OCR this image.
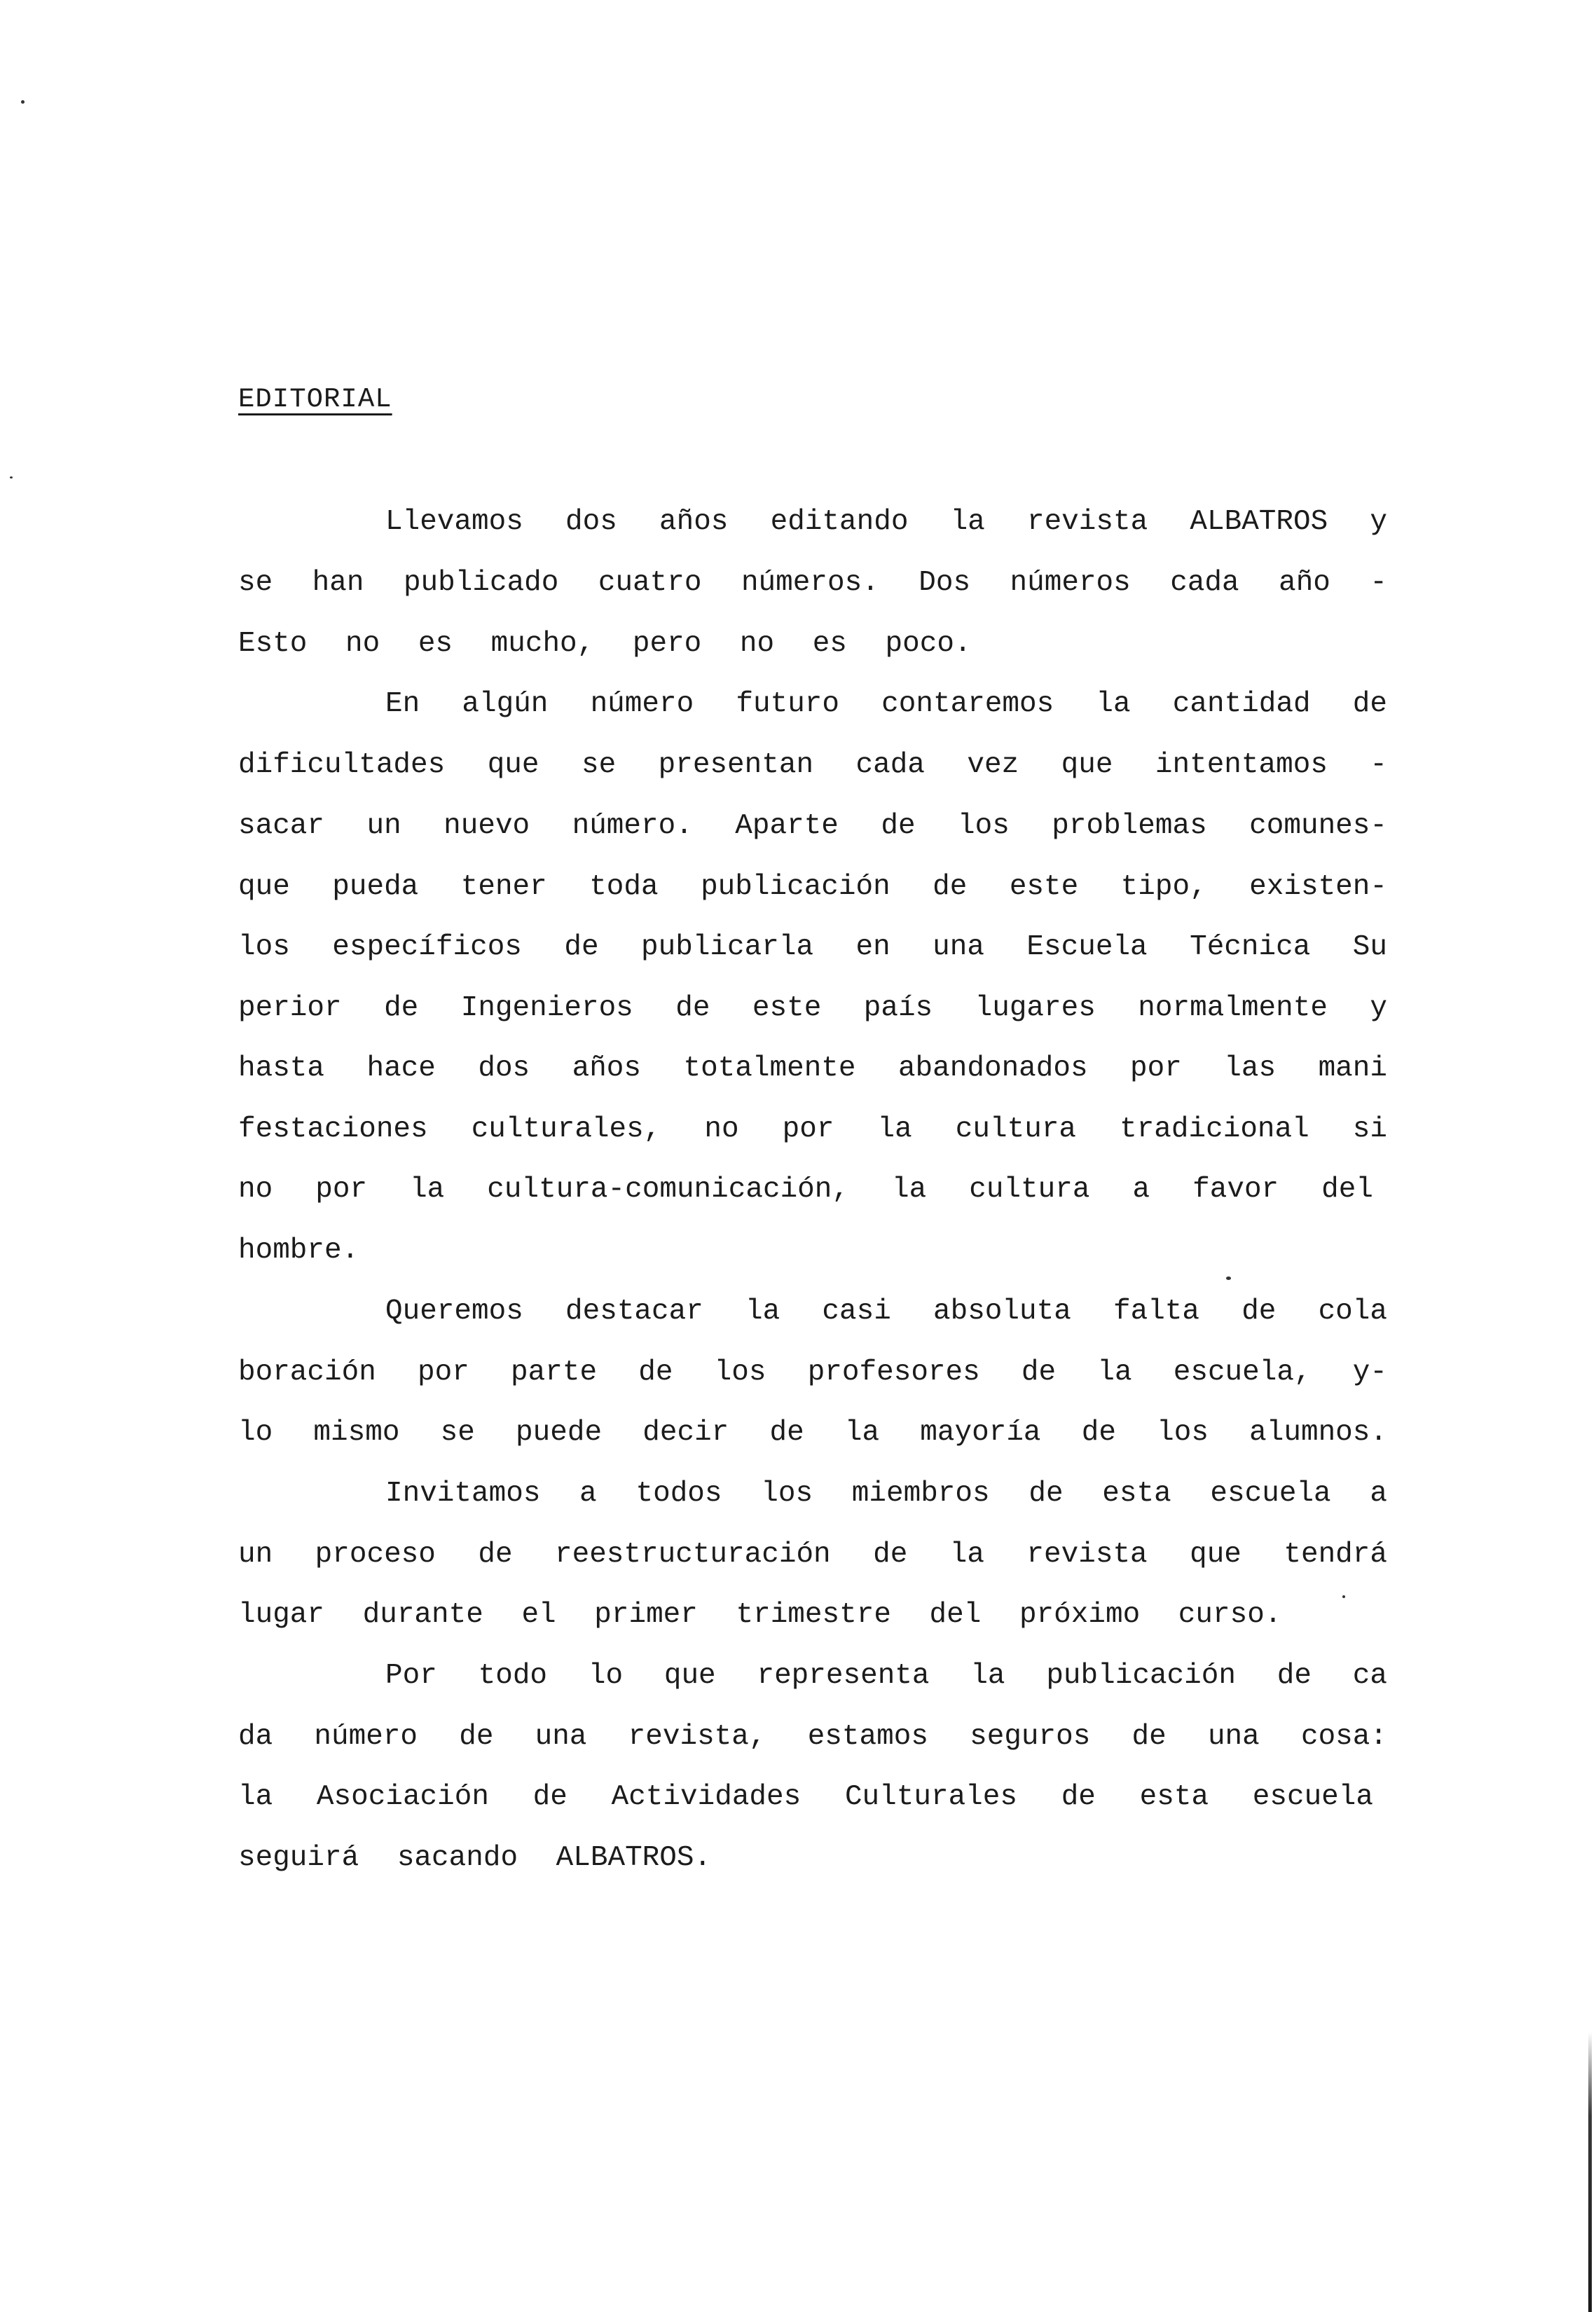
EDITORIAL
Llevamos dos años editando la revista ALBATROS y
se han publicado cuatro números. Dos números cada año -
Esto no es mucho, pero no es poco.
En algún número futuro contaremos la cantidad de
dificultades que se presentan cada vez que intentamos -
sacar un nuevo número. Aparte de los problemas comunes-
que pueda tener toda publicación de este tipo, existen-
los específicos de publicarla en una Escuela Técnica Su
perior de Ingenieros de este país lugares normalmente y
hasta hace dos años totalmente abandonados por las mani
festaciones culturales, no por la cultura tradicional si
no por la cultura-comunicación, la cultura a favor del
hombre.
Queremos destacar la casi absoluta falta de cola
boración por parte de los profesores de la escuela, y-
lo mismo se puede decir de la mayoría de los alumnos.
Invitamos a todos los miembros de esta escuela a
un proceso de reestructuración de la revista que tendrá
lugar durante el primer trimestre del próximo curso.
Por todo lo que representa la publicación de ca
da número de una revista, estamos seguros de una cosa:
la Asociación de Actividades Culturales de esta escuela
seguirá sacando ALBATROS.
